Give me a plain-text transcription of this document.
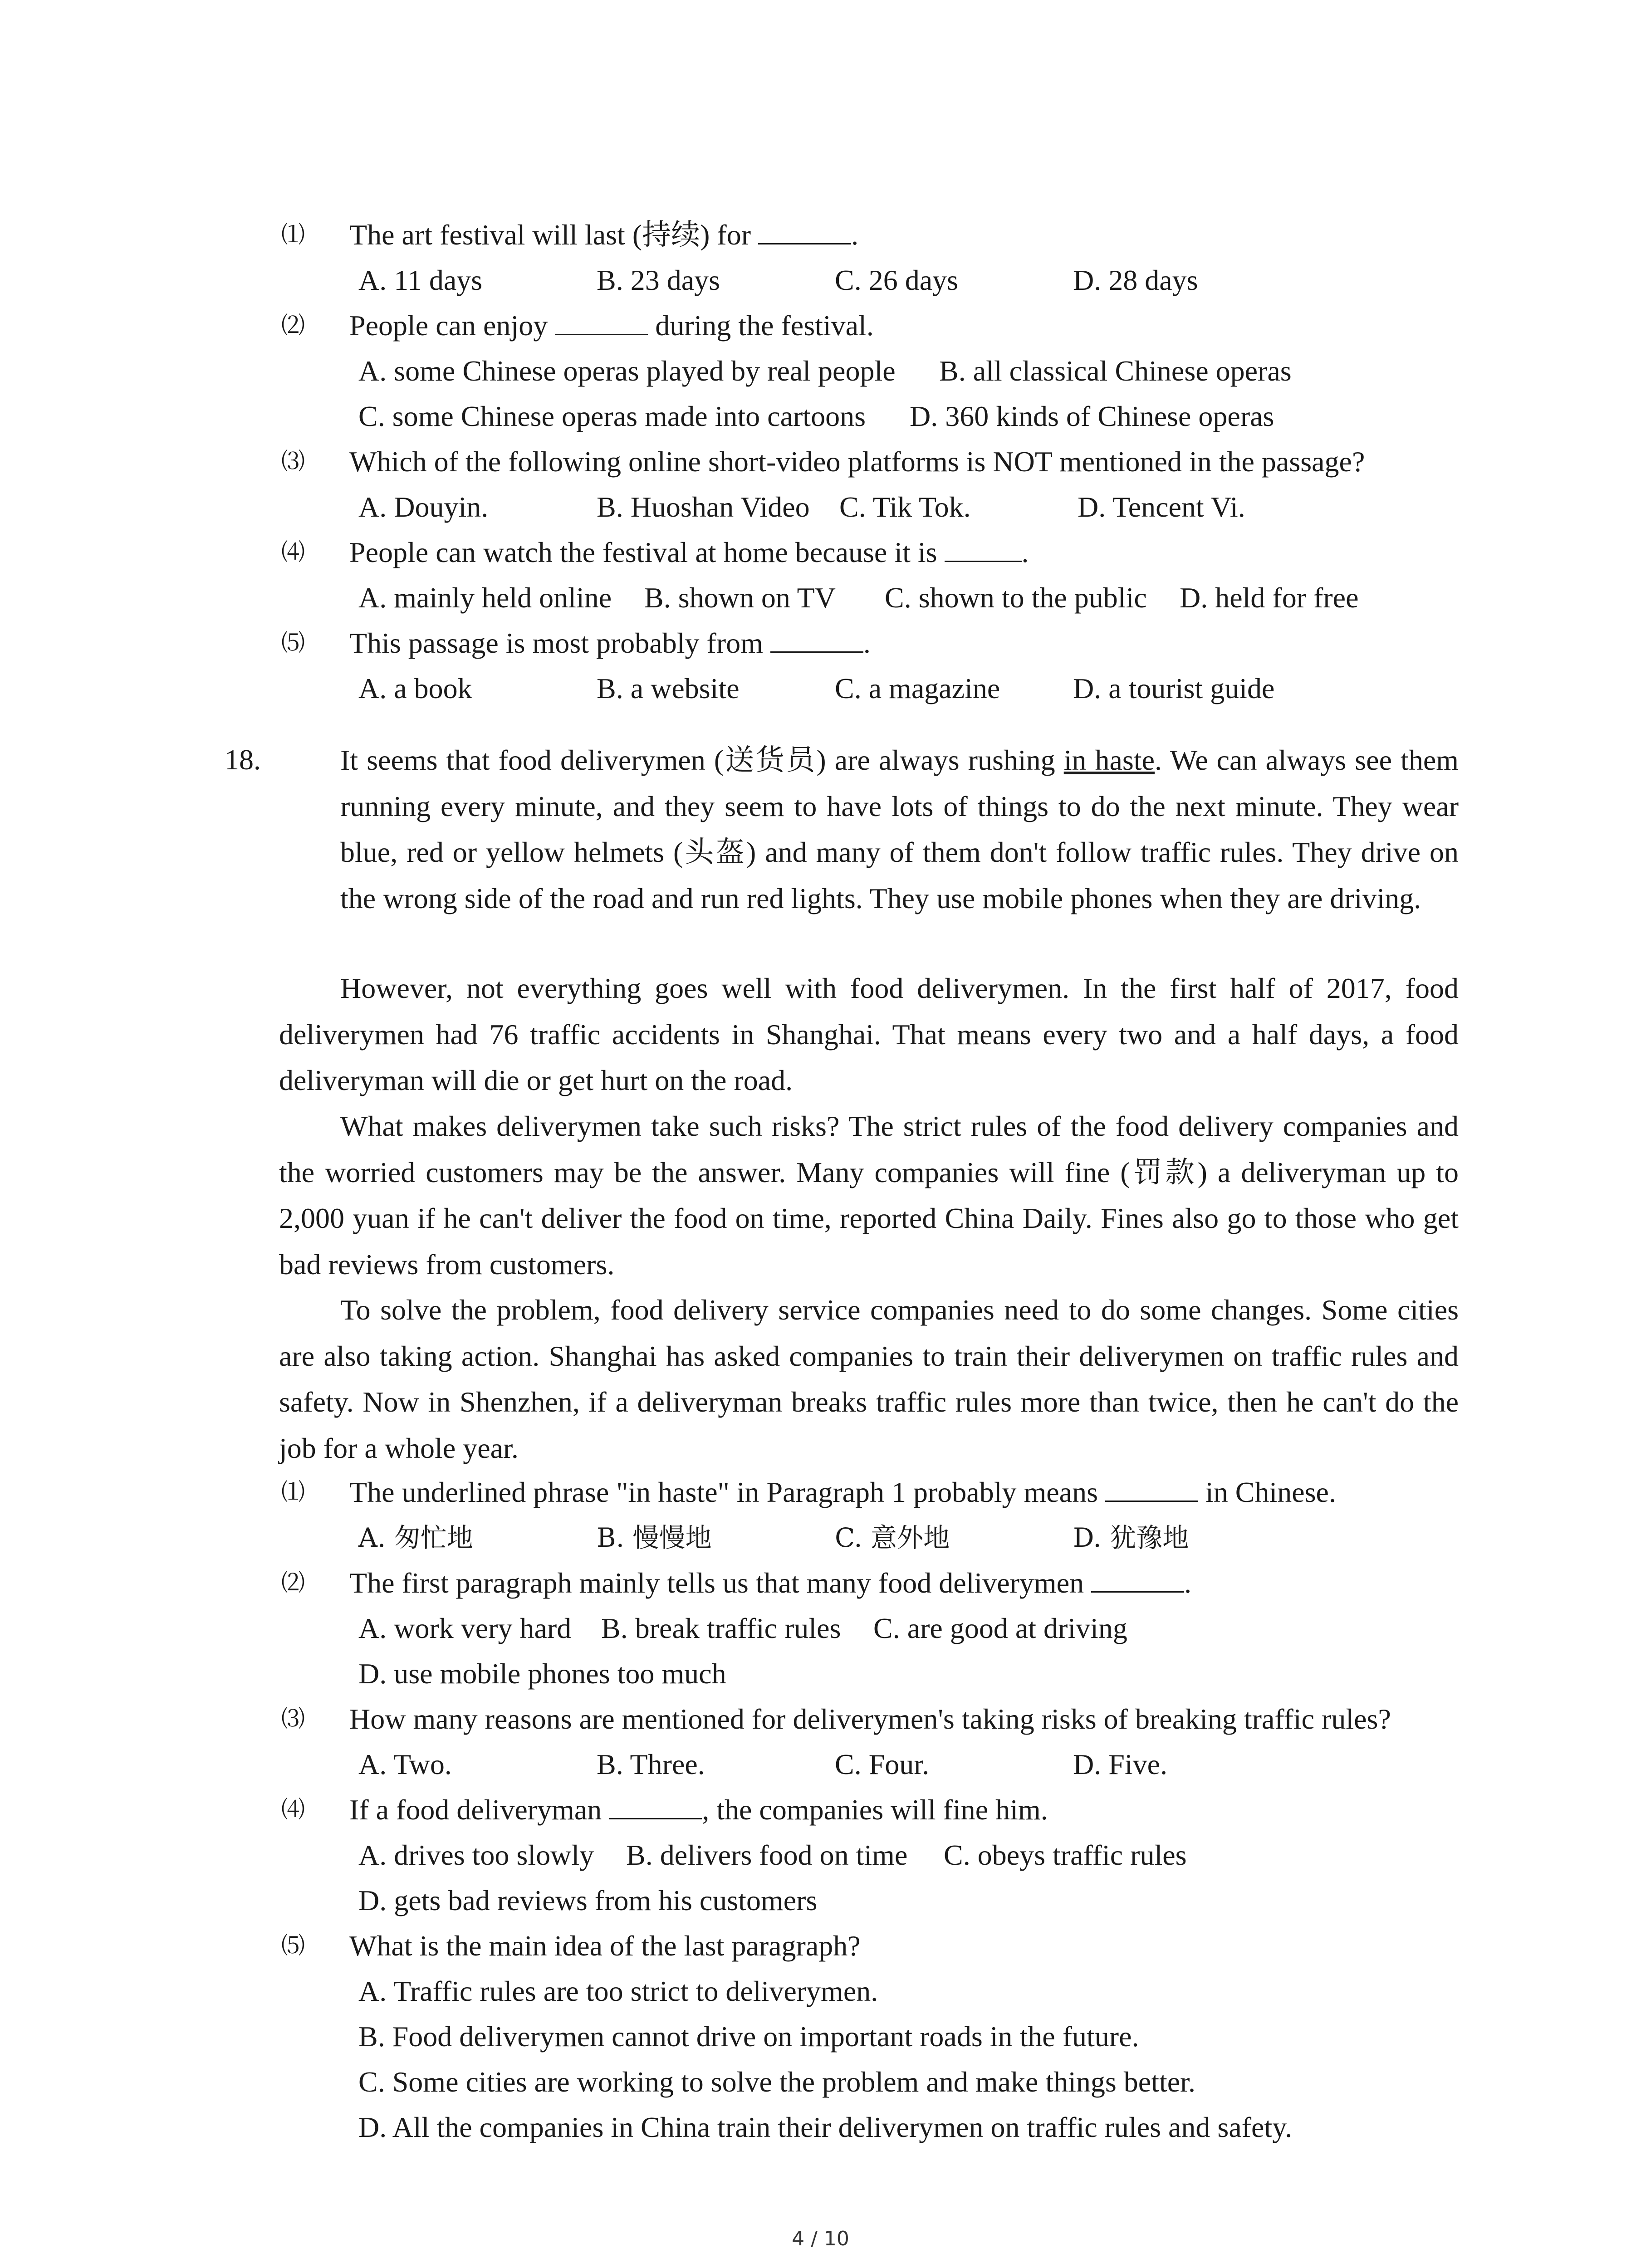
⑴ The art festival will last (持续) for	.
A. 11 days	B. 23 days	C. 26 days	D. 28 days
⑵ People can enjoy	during the festival.
A. some Chinese operas played by real people B. all classical Chinese operas
C. some Chinese operas made into cartoons D. 360 kinds of Chinese operas
⑶ Which of the following online short-video platforms is NOT mentioned in the passage?
A. Douyin.	B. Huoshan Video C. Tik Tok.	D. Tencent Vi.
⑷ People can watch the festival at home because it is	.
A. mainly held online B. shown on TV C. shown to the public D. held for free
⑸ This passage is most probably from	.
A. a book	B. a website	C. a magazine	D. a tourist guide
18.	It seems that food deliverymen (送货员) are always rushing in haste. We can always see them running every minute, and they seem to have lots of things to do the next minute. They wear blue, red or yellow helmets (头盔) and many of them don't follow traffic rules. They drive on the wrong side of the road and run red lights. They use mobile phones when they are driving.

However, not everything goes well with food deliverymen. In the first half of 2017, food deliverymen had 76 traffic accidents in Shanghai. That means every two and a half days, a food deliveryman will die or get hurt on the road.

What makes deliverymen take such risks? The strict rules of the food delivery companies and the worried customers may be the answer. Many companies will fine (罚款) a deliveryman up to 2,000 yuan if he can't deliver the food on time, reported China Daily. Fines also go to those who get bad reviews from customers.

To solve the problem, food delivery service companies need to do some changes. Some cities are also taking action. Shanghai has asked companies to train their deliverymen on traffic rules and safety. Now in Shenzhen, if a deliveryman breaks traffic rules more than twice, then he can't do the job for a whole year.

⑴ The underlined phrase "in haste" in Paragraph 1 probably means	in Chinese.
A. 匆忙地	B. 慢慢地	C. 意外地	D. 犹豫地
⑵ The first paragraph mainly tells us that many food deliverymen	.
A. work very hard B. break traffic rules C. are good at driving
D. use mobile phones too much
⑶ How many reasons are mentioned for deliverymen's taking risks of breaking traffic rules?
A. Two.	B. Three.	C. Four.	D. Five.
⑷ If a food deliveryman	, the companies will fine him.
A. drives too slowly B. delivers food on time C. obeys traffic rules
D. gets bad reviews from his customers
⑸ What is the main idea of the last paragraph?
A. Traffic rules are too strict to deliverymen.
B. Food deliverymen cannot drive on important roads in the future.
C. Some cities are working to solve the problem and make things better.
D. All the companies in China train their deliverymen on traffic rules and safety.
4 / 10
